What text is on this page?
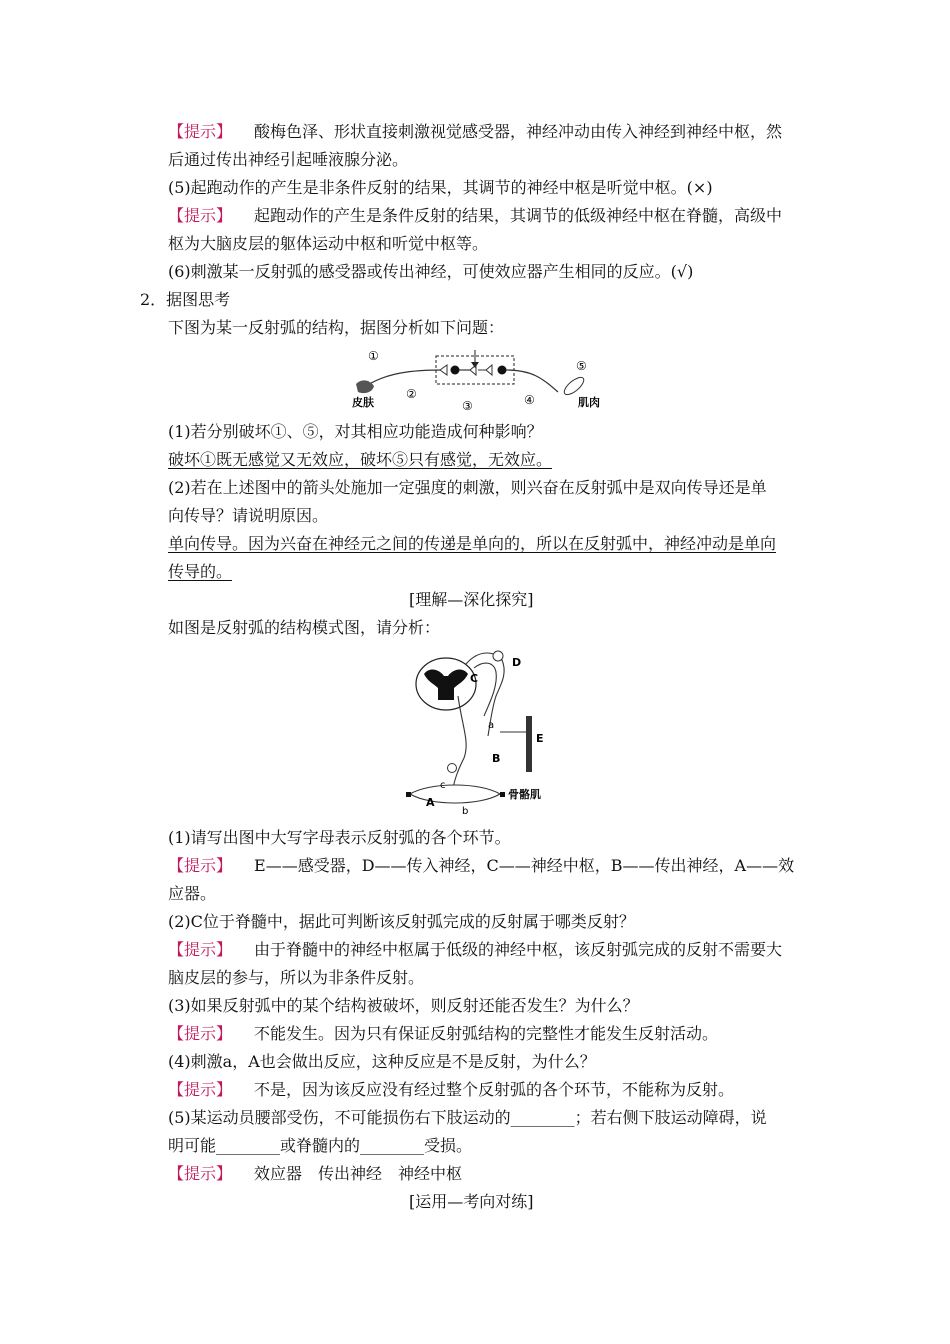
【提示】 酸梅色泽、形状直接刺激视觉感受器，神经冲动由传入神经到神经中枢，然
后通过传出神经引起唾液腺分泌。
(5)起跑动作的产生是非条件反射的结果，其调节的神经中枢是听觉中枢。(×)
【提示】 起跑动作的产生是条件反射的结果，其调节的低级神经中枢在脊髓，高级中
枢为大脑皮层的躯体运动中枢和听觉中枢等。
(6)刺激某一反射弧的感受器或传出神经，可使效应器产生相同的反应。(√)
2．据图思考
下图为某一反射弧的结构，据图分析如下问题：
①
②
③	④
⑤
皮肤	肌肉
(1)若分别破坏①、⑤，对其相应功能造成何种影响？
破坏①既无感觉又无效应，破坏⑤只有感觉，无效应。
(2)若在上述图中的箭头处施加一定强度的刺激，则兴奋在反射弧中是双向传导还是单
向传导？请说明原因。
单向传导。因为兴奋在神经元之间的传递是单向的，所以在反射弧中，神经冲动是单向
传导的。
[理解—深化探究]
如图是反射弧的结构模式图，请分析：
D
C
E
a
B
c
A
b
骨骼肌
(1)请写出图中大写字母表示反射弧的各个环节。
【提示】 E——感受器，D——传入神经，C——神经中枢，B——传出神经，A——效
应器。
(2)C位于脊髓中，据此可判断该反射弧完成的反射属于哪类反射？
【提示】 由于脊髓中的神经中枢属于低级的神经中枢，该反射弧完成的反射不需要大
脑皮层的参与，所以为非条件反射。
(3)如果反射弧中的某个结构被破坏，则反射还能否发生？为什么？
【提示】 不能发生。因为只有保证反射弧结构的完整性才能发生反射活动。
(4)刺激a，A也会做出反应，这种反应是不是反射，为什么？
【提示】 不是，因为该反应没有经过整个反射弧的各个环节，不能称为反射。
(5)某运动员腰部受伤，不可能损伤右下肢运动的________；若右侧下肢运动障碍，说
明可能________或脊髓内的________受损。
【提示】 效应器　传出神经　神经中枢
[运用—考向对练]
